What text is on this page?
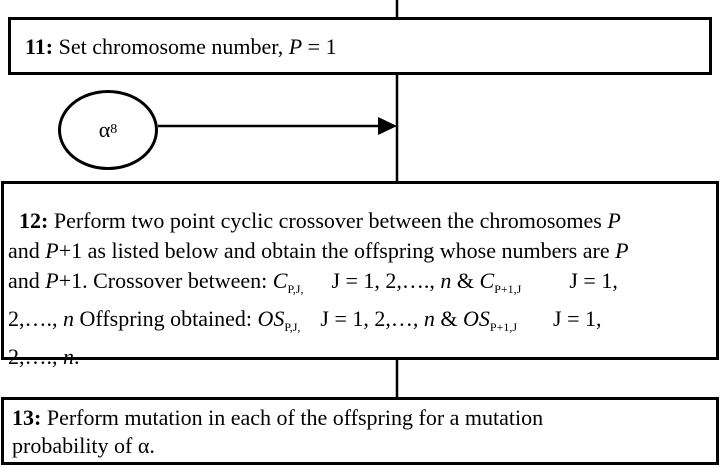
11: Set chromosome number, P = 1
α 8
 12: Perform two point cyclic crossover between the chromosomes P
and P+1 as listed below and obtain the offspring whose numbers are P
and P+1. Crossover between: $C_{P,J,}$ J = 1, 2,…., n & $C_{P+1,J}$ J = 1,
2,…., n Offspring obtained: $OS_{P,J,}$ J = 1, 2,…, n & $OS_{P+1,J}$ J = 1,
2,…., n.
13: Perform mutation in each of the offspring for a mutation
probability of α.
